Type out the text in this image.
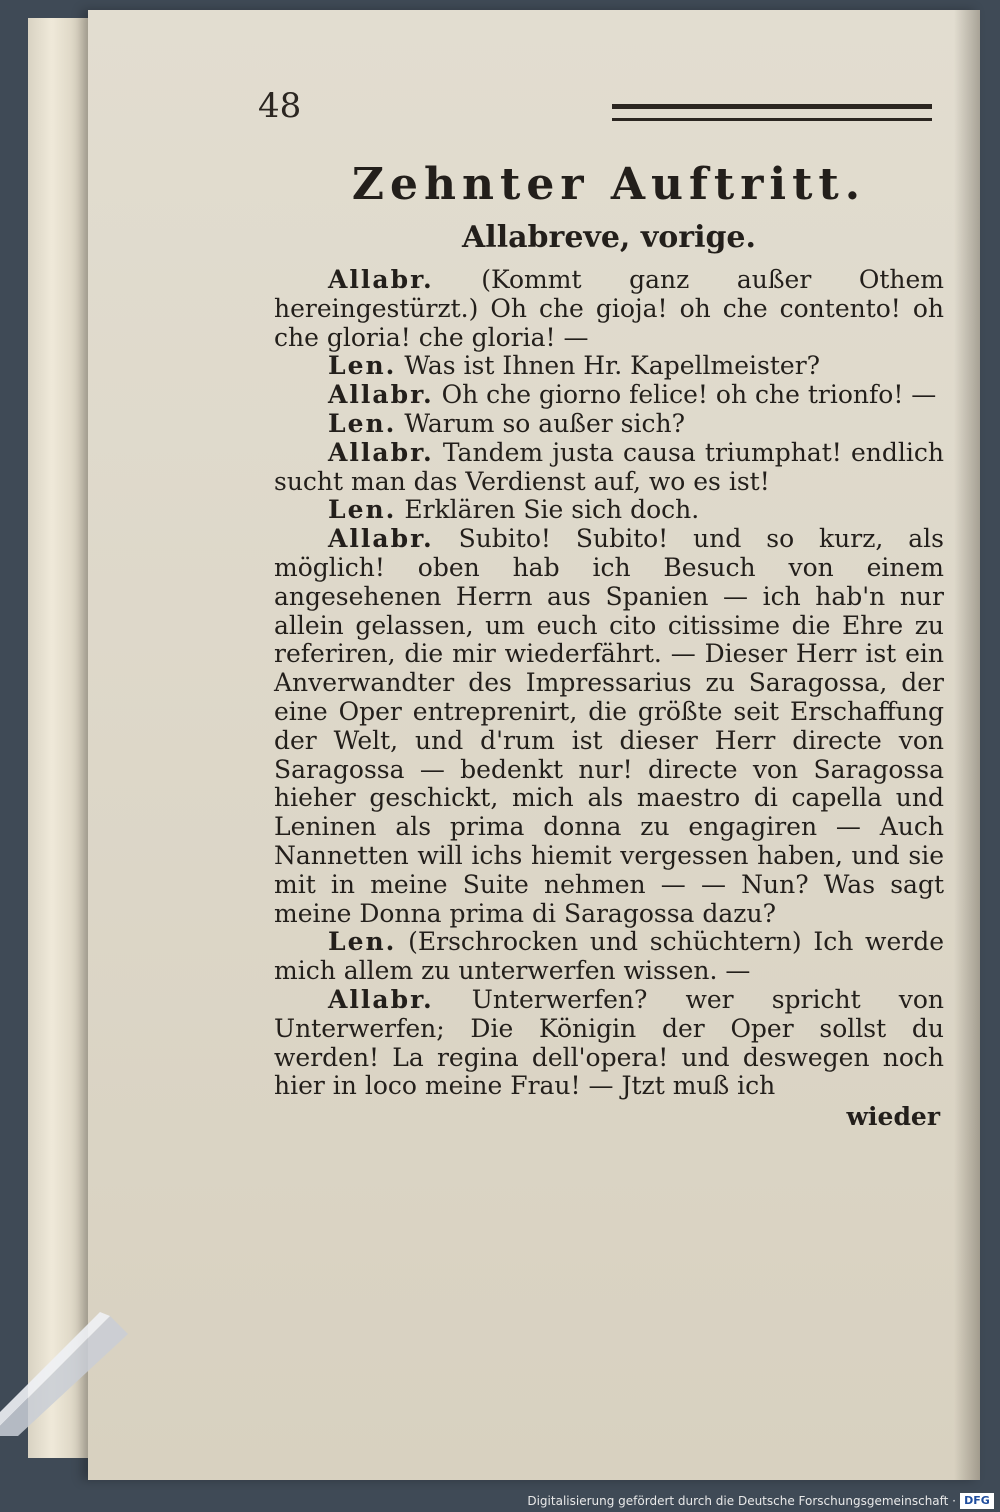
48
Zehnter Auftritt.
Allabreve, vorige.

Allabr. (Kommt ganz außer Othem hereingestürzt.) Oh che gioja! oh che contento! oh che gloria! che gloria! —

Len. Was ist Ihnen Hr. Kapellmeister?

Allabr. Oh che giorno felice! oh che trionfo! —

Len. Warum so außer sich?

Allabr. Tandem justa causa triumphat! endlich sucht man das Verdienst auf, wo es ist!

Len. Erklären Sie sich doch.

Allabr. Subito! Subito! und so kurz, als möglich! oben hab ich Besuch von einem angesehenen Herrn aus Spanien — ich hab'n nur allein gelassen, um euch cito citissime die Ehre zu referiren, die mir wiederfährt. — Dieser Herr ist ein Anverwandter des Impressarius zu Saragossa, der eine Oper entreprenirt, die größte seit Erschaffung der Welt, und d'rum ist dieser Herr directe von Saragossa — bedenkt nur! directe von Saragossa hieher geschickt, mich als maestro di capella und Leninen als prima donna zu engagiren — Auch Nannetten will ichs hiemit vergessen haben, und sie mit in meine Suite nehmen — — Nun? Was sagt meine Donna prima di Saragossa dazu?

Len. (Erschrocken und schüchtern) Ich werde mich allem zu unterwerfen wissen. —

Allabr. Unterwerfen? wer spricht von Unterwerfen; Die Königin der Oper sollst du werden! La regina dell'opera! und deswegen noch hier in loco meine Frau! — Jtzt muß ich

wieder
Digitalisierung gefördert durch die Deutsche Forschungsgemeinschaft · DFG
